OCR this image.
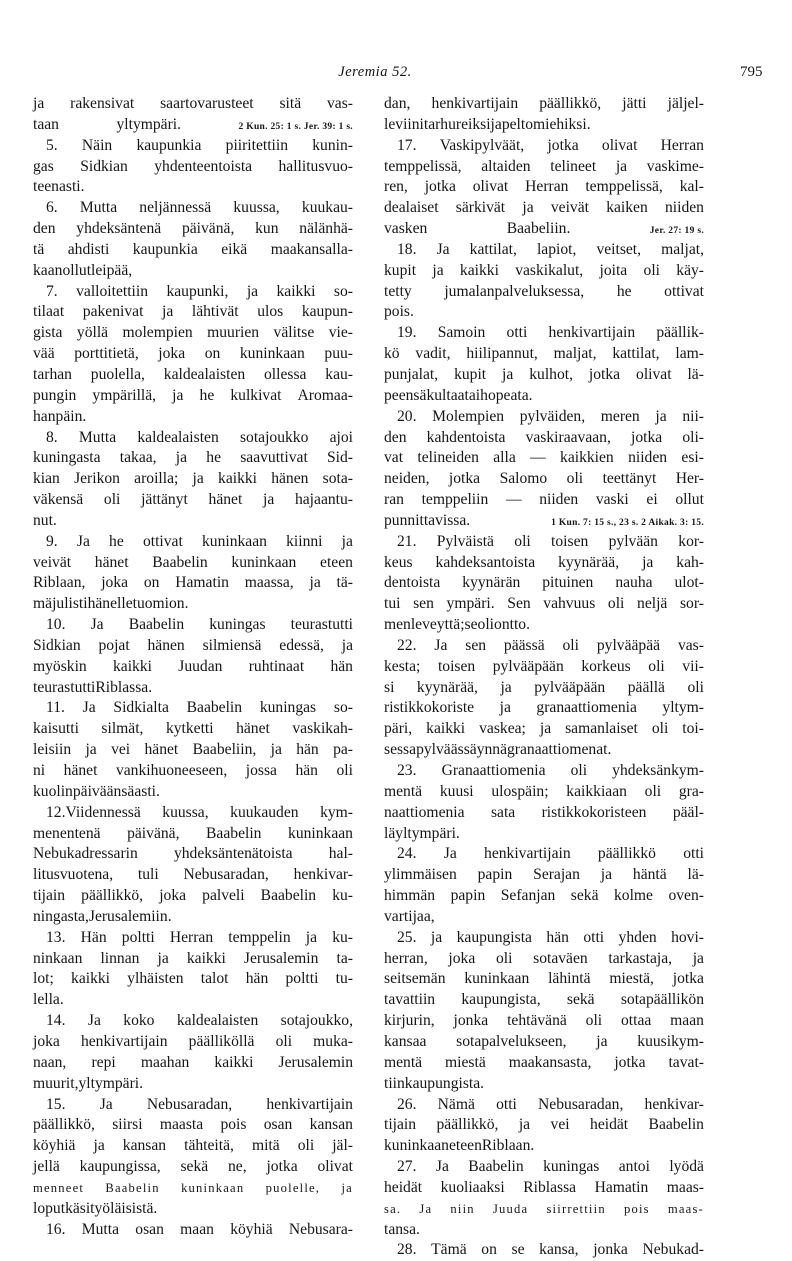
Jeremia 52.	795
ja rakensivat saartovarusteet sitä vas-
taan	yltympäri.	2 Kun. 25: 1 s. Jer. 39: 1 s.
5. Näin kaupunkia piiritettiin kunin-
gas Sidkian yhdenteentoista hallitusvuo-
teen asti.
6. Mutta neljännessä kuussa, kuukau-
den yhdeksäntenä päivänä, kun nälänhä-
tä ahdisti kaupunkia eikä maakansalla-
kaan ollut leipää,
7. valloitettiin kaupunki, ja kaikki so-
tilaat pakenivat ja lähtivät ulos kaupun-
gista yöllä molempien muurien välitse vie-
vää porttitietä, joka on kuninkaan puu-
tarhan puolella, kaldealaisten ollessa kau-
pungin ympärillä, ja he kulkivat Aromaa-
han päin.
8. Mutta kaldealaisten sotajoukko ajoi
kuningasta takaa, ja he saavuttivat Sid-
kian Jerikon aroilla; ja kaikki hänen sota-
väkensä oli jättänyt hänet ja hajaantu-
nut.
9. Ja he ottivat kuninkaan kiinni ja
veivät hänet Baabelin kuninkaan eteen
Riblaan, joka on Hamatin maassa, ja tä-
mä julisti hänelle tuomion.
10. Ja Baabelin kuningas teurastutti
Sidkian pojat hänen silmiensä edessä, ja
myöskin kaikki Juudan ruhtinaat hän
teurastutti Riblassa.
11. Ja Sidkialta Baabelin kuningas so-
kaisutti silmät, kytketti hänet vaskikah-
leisiin ja vei hänet Baabeliin, ja hän pa-
ni hänet vankihuoneeseen, jossa hän oli
kuolinpäiväänsä asti.
12.Viidennessä kuussa, kuukauden kym-
menentenä päivänä, Baabelin kuninkaan
Nebukadressarin yhdeksäntenätoista hal-
litusvuotena, tuli Nebusaradan, henkivar-
tijain päällikkö, joka palveli Baabelin ku-
ningasta, Jerusalemiin.
13. Hän poltti Herran temppelin ja ku-
ninkaan linnan ja kaikki Jerusalemin ta-
lot; kaikki ylhäisten talot hän poltti tu-
lella.
14. Ja koko kaldealaisten sotajoukko,
joka henkivartijain päälliköllä oli muka-
naan, repi maahan kaikki Jerusalemin
muurit, yltympäri.
15. Ja Nebusaradan, henkivartijain
päällikkö, siirsi maasta pois osan kansan
köyhiä ja kansan tähteitä, mitä oli jäl-
jellä kaupungissa, sekä ne, jotka olivat
menneet Baabelin kuninkaan puolelle, ja
loput käsityöläisistä.
16. Mutta osan maan köyhiä Nebusara-
dan, henkivartijain päällikkö, jätti jäljel-
le viinitarhureiksi ja peltomiehiksi.
17. Vaskipylväät, jotka olivat Herran
temppelissä, altaiden telineet ja vaskime-
ren, jotka olivat Herran temppelissä, kal-
dealaiset särkivät ja veivät kaiken niiden
vasken	Baabeliin.	Jer. 27: 19 s.
18. Ja kattilat, lapiot, veitset, maljat,
kupit ja kaikki vaskikalut, joita oli käy-
tetty jumalanpalveluksessa, he ottivat
pois.
19. Samoin otti henkivartijain päällik-
kö vadit, hiilipannut, maljat, kattilat, lam-
punjalat, kupit ja kulhot, jotka olivat lä-
peensä kultaa tai hopeata.
20. Molempien pylväiden, meren ja nii-
den kahdentoista vaskiraavaan, jotka oli-
vat telineiden alla — kaikkien niiden esi-
neiden, jotka Salomo oli teettänyt Her-
ran temppeliin — niiden vaski ei ollut
punnittavissa.	1 Kun. 7: 15 s., 23 s. 2 Aikak. 3: 15.
21. Pylväistä oli toisen pylvään kor-
keus kahdeksantoista kyynärää, ja kah-
dentoista kyynärän pituinen nauha ulot-
tui sen ympäri. Sen vahvuus oli neljä sor-
menleveyttä; se oli ontto.
22. Ja sen päässä oli pylvääpää vas-
kesta; toisen pylvääpään korkeus oli vii-
si kyynärää, ja pylvääpään päällä oli
ristikkokoriste ja granaattiomenia yltym-
päri, kaikki vaskea; ja samanlaiset oli toi-
sessa pylväässä ynnä granaattiomenat.
23. Granaattiomenia oli yhdeksänkym-
mentä kuusi ulospäin; kaikkiaan oli gra-
naattiomenia sata ristikkokoristeen pääl-
lä yltympäri.
24. Ja henkivartijain päällikkö otti
ylimmäisen papin Serajan ja häntä lä-
himmän papin Sefanjan sekä kolme oven-
vartijaa,
25. ja kaupungista hän otti yhden hovi-
herran, joka oli sotaväen tarkastaja, ja
seitsemän kuninkaan lähintä miestä, jotka
tavattiin kaupungista, sekä sotapäällikön
kirjurin, jonka tehtävänä oli ottaa maan
kansaa sotapalvelukseen, ja kuusikym-
mentä miestä maakansasta, jotka tavat-
tiin kaupungista.
26. Nämä otti Nebusaradan, henkivar-
tijain päällikkö, ja vei heidät Baabelin
kuninkaan eteen Riblaan.
27. Ja Baabelin kuningas antoi lyödä
heidät kuoliaaksi Riblassa Hamatin maas-
sa. Ja niin Juuda siirrettiin pois maas-
tansa.
28. Tämä on se kansa, jonka Nebukad-
